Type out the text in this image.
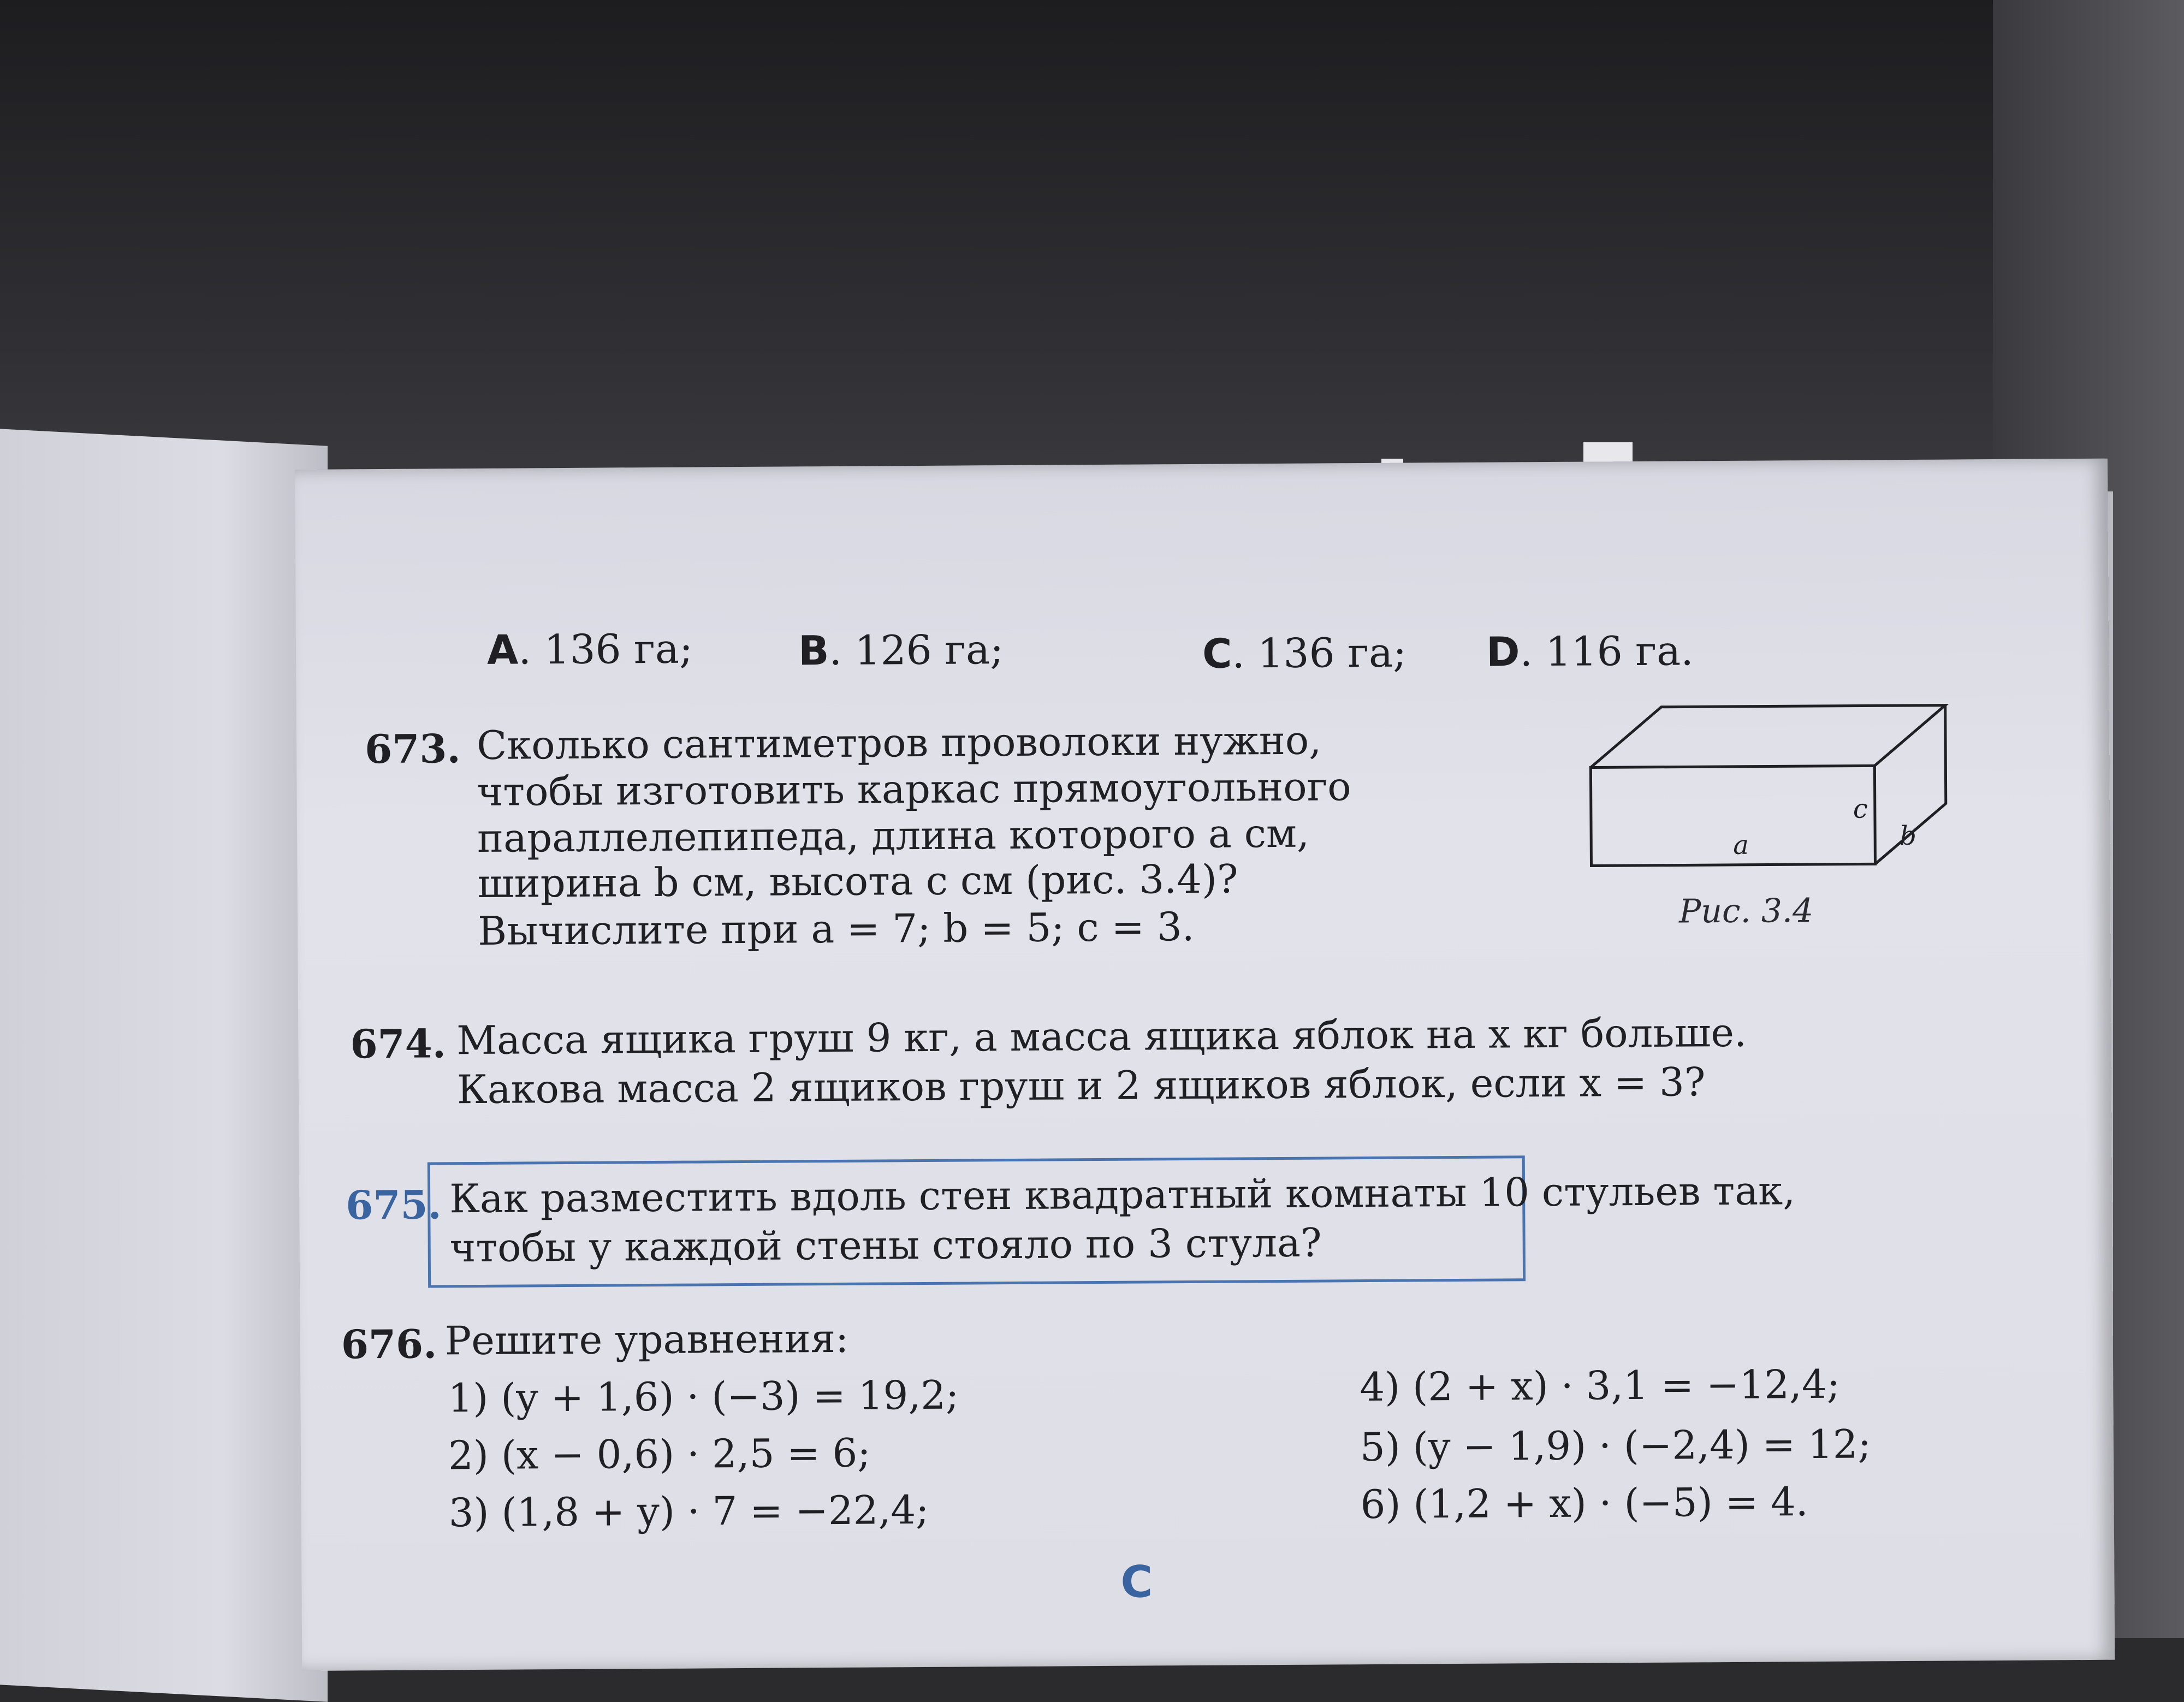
A. 136 га;	B. 126 га;	C. 136 га; D. 116 га.
673. Сколько сантиметров проволоки нужно,
чтобы изготовить каркас прямоугольного
параллелепипеда, длина которого a см,
ширина b см, высота c см (рис. 3.4)?
Вычислите при a = 7; b = 5; c = 3.
a
c
b
Рис. 3.4
674. Масса ящика груш 9 кг, а масса ящика яблок на x кг больше.
Какова масса 2 ящиков груш и 2 ящиков яблок, если x = 3?
675. Как разместить вдоль стен квадратный комнаты 10 стульев так,
чтобы у каждой стены стояло по 3 стула?
676. Решите уравнения:
1) (y + 1,6) · (−3) = 19,2;
2) (x − 0,6) · 2,5 = 6;
3) (1,8 + y) · 7 = −22,4;
4) (2 + x) · 3,1 = −12,4;
5) (y − 1,9) · (−2,4) = 12;
6) (1,2 + x) · (−5) = 4.
C
